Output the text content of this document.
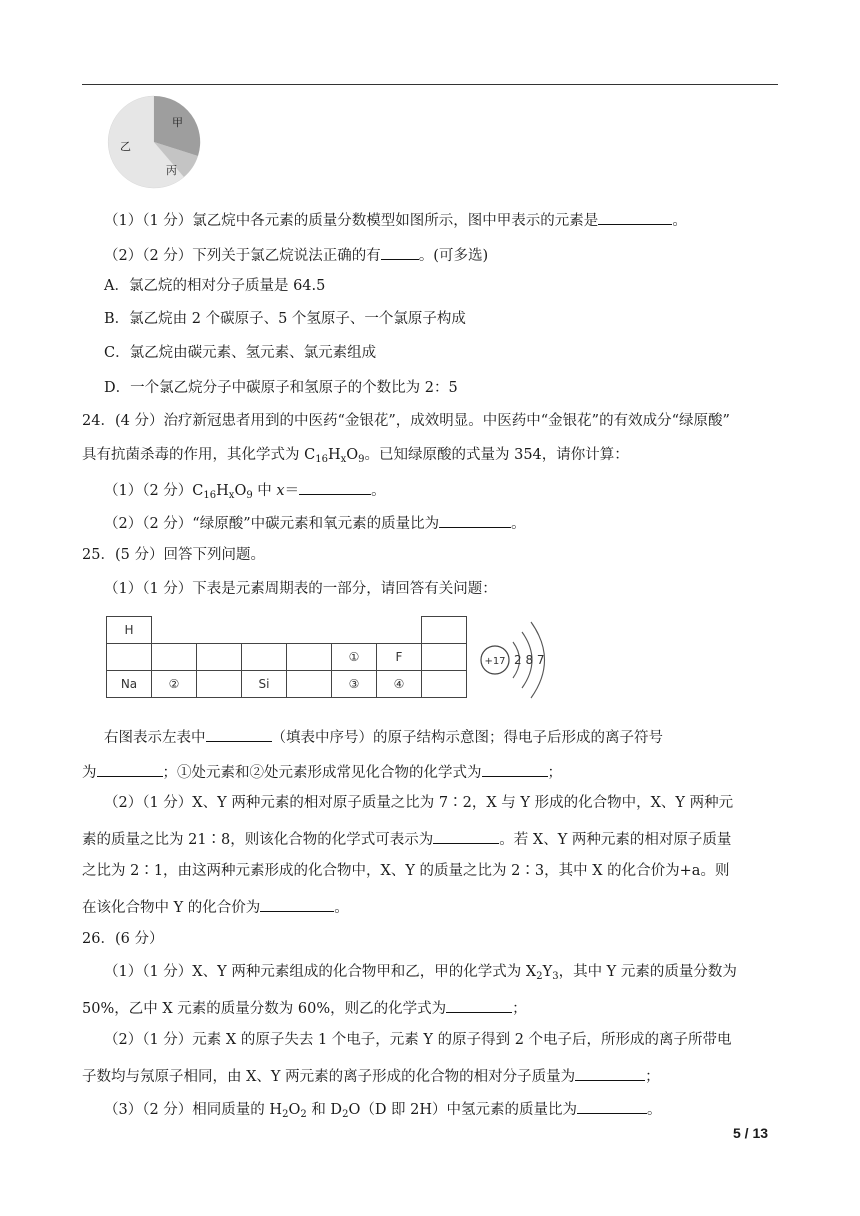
甲
乙
丙
（1）（1 分）氯乙烷中各元素的质量分数模型如图所示，图中甲表示的元素是	。
（2）（2 分）下列关于氯乙烷说法正确的有	。(可多选)
A．氯乙烷的相对分子质量是 64.5
B．氯乙烷由 2 个碳原子、5 个氢原子、一个氯原子构成
C．氯乙烷由碳元素、氢元素、氯元素组成
D．一个氯乙烷分子中碳原子和氢原子的个数比为 2：5
24．(4 分）治疗新冠患者用到的中医药“金银花”，成效明显。中医药中“金银花”的有效成分“绿原酸”
具有抗菌杀毒的作用，其化学式为 $C_{16}H_xO_9$。已知绿原酸的式量为 354，请你计算：
（1）（2 分）$C_{16}H_xO_9$ 中 x＝	。
（2）（2 分）“绿原酸”中碳元素和氧元素的质量比为	。
25．(5 分）回答下列问题。
（1）（1 分）下表是元素周期表的一部分，请回答有关问题：
H							
					①	F	
Na	②		Si		③	④	
+17 2 8 7
右图表示左表中	（填表中序号）的原子结构示意图；得电子后形成的离子符号
为	；①处元素和②处元素形成常见化合物的化学式为	；
（2）（1 分）X、Y 两种元素的相对原子质量之比为 7∶2，X 与 Y 形成的化合物中，X、Y 两种元
素的质量之比为 21∶8，则该化合物的化学式可表示为	。若 X、Y 两种元素的相对原子质量
之比为 2∶1，由这两种元素形成的化合物中，X、Y 的质量之比为 2∶3，其中 X 的化合价为+a。则
在该化合物中 Y 的化合价为	。
26．(6 分）
（1）（1 分）X、Y 两种元素组成的化合物甲和乙，甲的化学式为 $X_2Y_3$，其中 Y 元素的质量分数为
50%，乙中 X 元素的质量分数为 60%，则乙的化学式为	；
（2）（1 分）元素 X 的原子失去 1 个电子，元素 Y 的原子得到 2 个电子后，所形成的离子所带电
子数均与氖原子相同，由 X、Y 两元素的离子形成的化合物的相对分子质量为	；
（3）（2 分）相同质量的 $H_2O_2$ 和 $D_2O(D$ 即 2H）中氢元素的质量比为	。
5 / 13
